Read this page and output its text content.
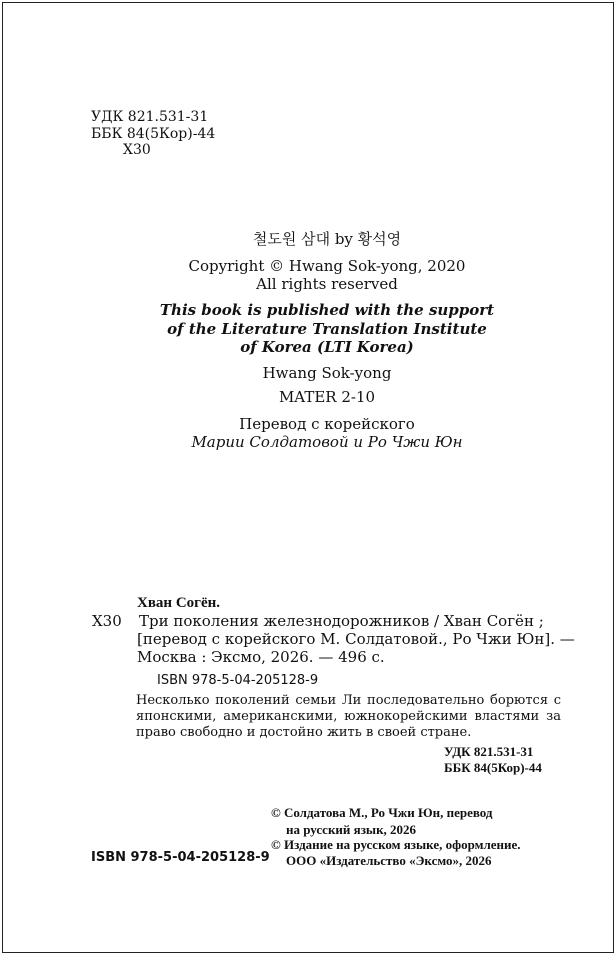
УДК 821.531-31
ББК 84(5Кор)-44
Х30
철도원 삼대 by 황석영
Copyright © Hwang Sok-yong, 2020
All rights reserved
This book is published with the support
of the Literature Translation Institute
of Korea (LTI Korea)
Hwang Sok-yong
MATER 2-10
Перевод с корейского
Марии Солдатовой и Ро Чжи Юн
Хван Согён.
Х30 Три поколения железнодорожников / Хван Согён ;
[перевод с корейского М. Солдатовой., Ро Чжи Юн]. —
Москва : Эксмо, 2026. — 496 с.
ISBN 978-5-04-205128-9
Несколько поколений семьи Ли последовательно борются с японскими, американскими, южнокорейскими властями за право свободно и достойно жить в своей стране.
УДК 821.531-31
ББК 84(5Кор)-44
ISBN 978-5-04-205128-9
© Солдатова М., Ро Чжи Юн, перевод
на русский язык, 2026
© Издание на русском языке, оформление.
ООО «Издательство «Эксмо», 2026
